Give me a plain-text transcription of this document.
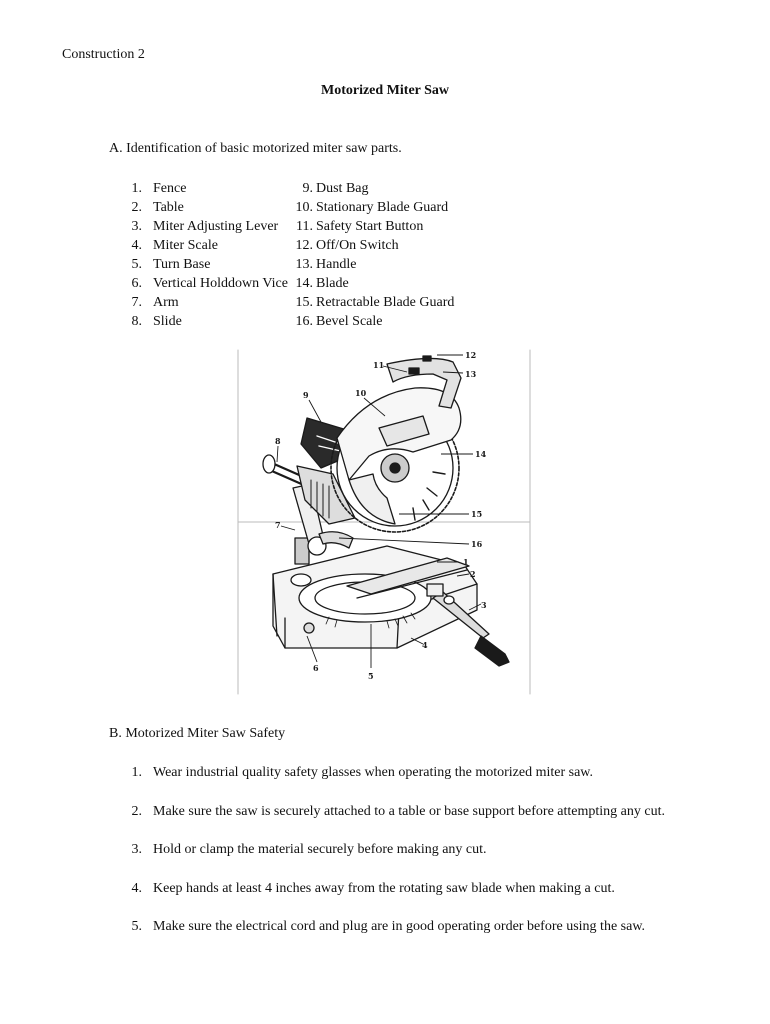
Construction 2
Motorized Miter Saw
A. Identification of basic motorized miter saw parts.
1. Fence	9. Dust Bag
2. Table	10. Stationary Blade Guard
3. Miter Adjusting Lever	11. Safety Start Button
4. Miter Scale	12. Off/On Switch
5. Turn Base	13. Handle
6. Vertical Holddown Vice 14. Blade
7. Arm	15. Retractable Blade Guard
8. Slide	16. Bevel Scale
1
2
3
4
5
6
7
8
9	10
11
12
13
14
15
16
B. Motorized Miter Saw Safety
1. Wear industrial quality safety glasses when operating the motorized miter saw.
2. Make sure the saw is securely attached to a table or base support before attempting any cut.
3. Hold or clamp the material securely before making any cut.
4. Keep hands at least 4 inches away from the rotating saw blade when making a cut.
5. Make sure the electrical cord and plug are in good operating order before using the saw.
